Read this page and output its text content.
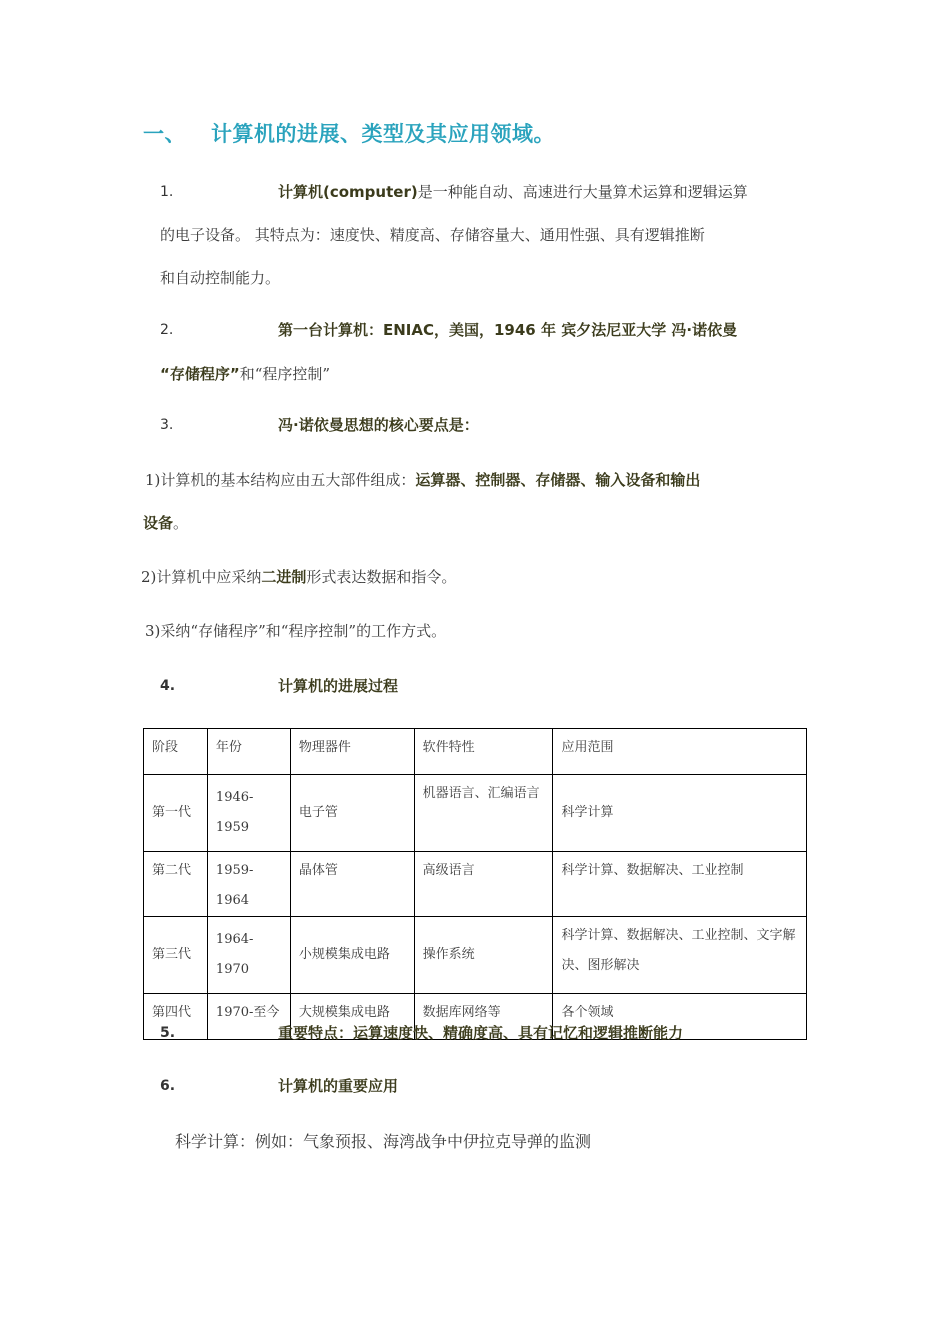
一、 计算机的进展、类型及其应用领域。
1.	计算机(computer)是一种能自动、高速进行大量算术运算和逻辑运算
的电子设备。 其特点为：速度快、精度高、存储容量大、通用性强、具有逻辑推断
和自动控制能力。
2.	第一台计算机：ENIAC，美国，1946 年 宾夕法尼亚大学 冯·诺依曼
“存储程序”和“程序控制”
3.	冯·诺依曼思想的核心要点是：
1)计算机的基本结构应由五大部件组成：运算器、控制器、存储器、输入设备和输出
设备。
2)计算机中应采纳二进制形式表达数据和指令。
3)采纳“存储程序”和“程序控制”的工作方式。
4.	计算机的进展过程
阶段	年份	物理器件	软件特性	应用范围
第一代	1946-1959	电子管	机器语言、汇编语言	科学计算
第二代	1959-1964	晶体管	高级语言	科学计算、数据解决、工业控制
第三代	1964-1970	小规模集成电路	操作系统	科学计算、数据解决、工业控制、文字解决、图形解决
第四代	1970-至今	大规模集成电路	数据库网络等	各个领域
5.	重要特点：运算速度快、精确度高、具有记忆和逻辑推断能力
6.	计算机的重要应用
科学计算：例如：气象预报、海湾战争中伊拉克导弹的监测
